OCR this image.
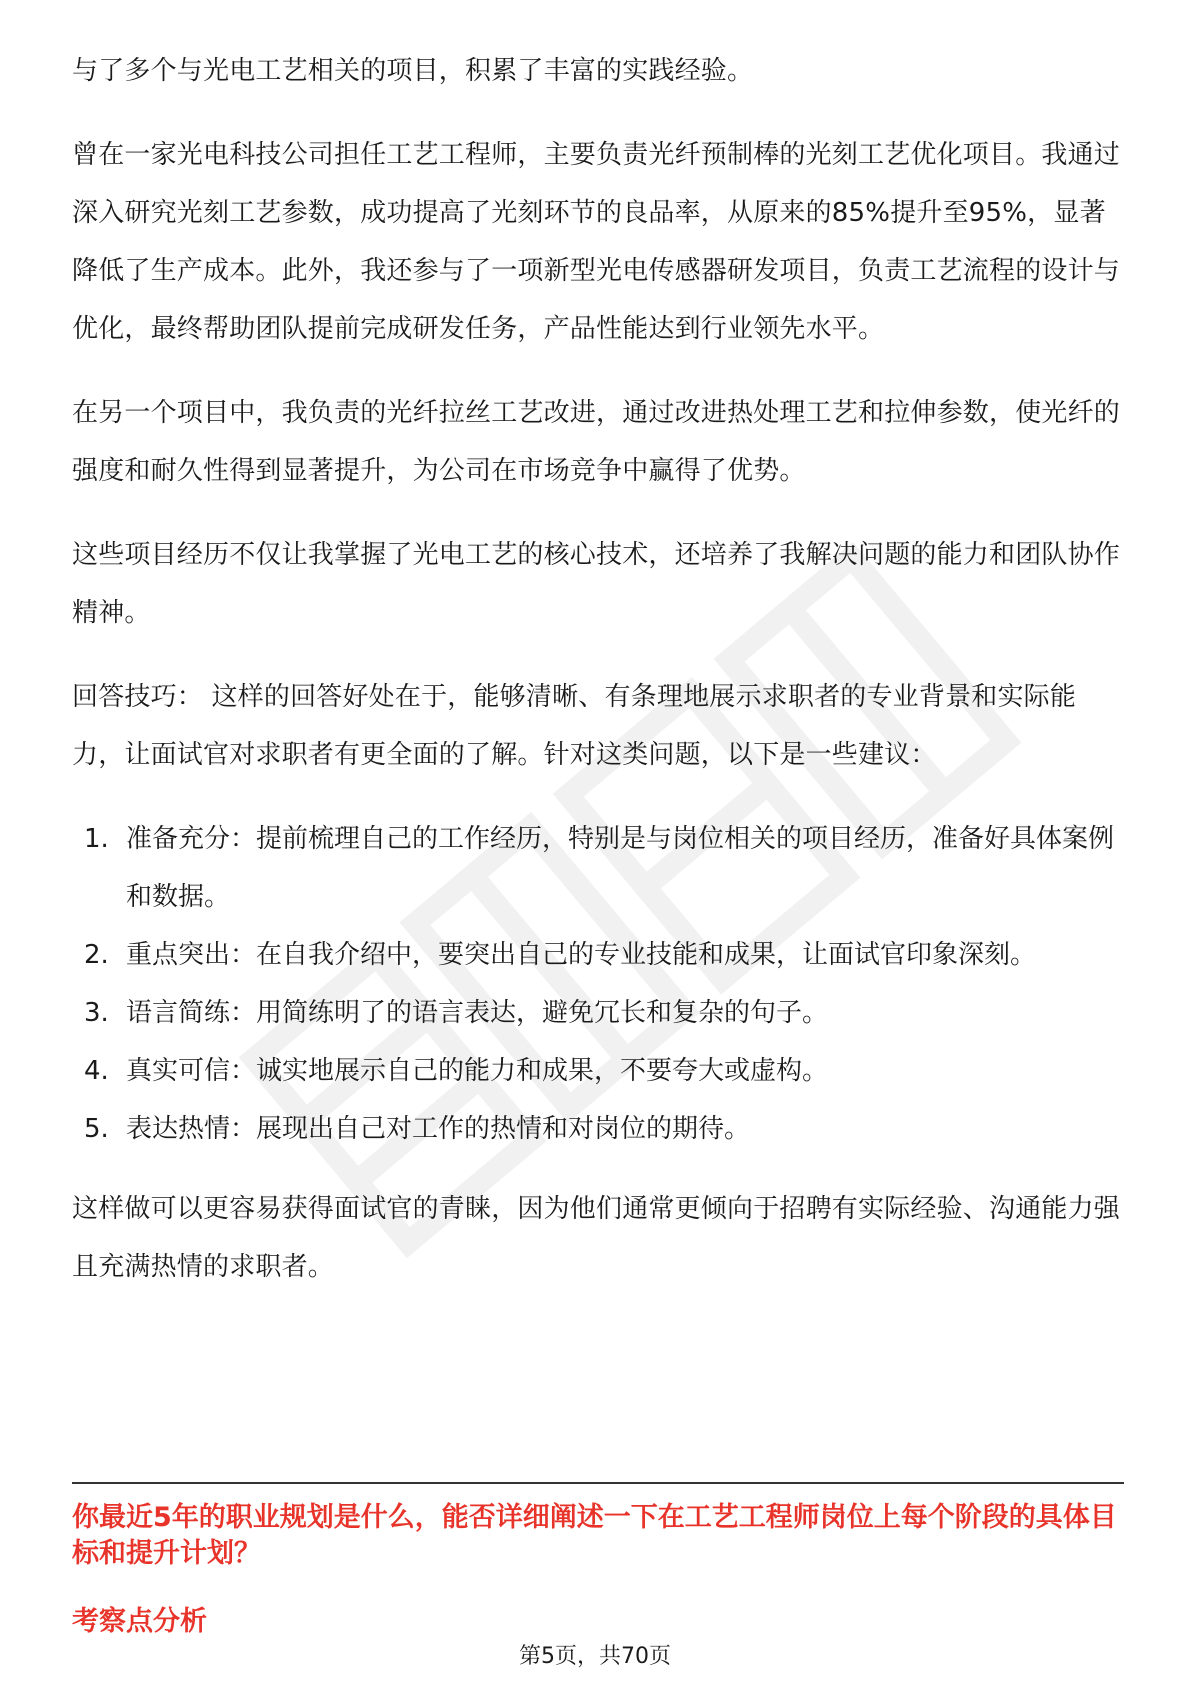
与了多个与光电工艺相关的项目，积累了丰富的实践经验。

曾在一家光电科技公司担任工艺工程师，主要负责光纤预制棒的光刻工艺优化项目。我通过深入研究光刻工艺参数，成功提高了光刻环节的良品率，从原来的85%提升至95%，显著降低了生产成本。此外，我还参与了一项新型光电传感器研发项目，负责工艺流程的设计与优化，最终帮助团队提前完成研发任务，产品性能达到行业领先水平。

在另一个项目中，我负责的光纤拉丝工艺改进，通过改进热处理工艺和拉伸参数，使光纤的强度和耐久性得到显著提升，为公司在市场竞争中赢得了优势。

这些项目经历不仅让我掌握了光电工艺的核心技术，还培养了我解决问题的能力和团队协作精神。

回答技巧： 这样的回答好处在于，能够清晰、有条理地展示求职者的专业背景和实际能力，让面试官对求职者有更全面的了解。针对这类问题，以下是一些建议：

1. 准备充分：提前梳理自己的工作经历，特别是与岗位相关的项目经历，准备好具体案例和数据。
2. 重点突出：在自我介绍中，要突出自己的专业技能和成果，让面试官印象深刻。
3. 语言简练：用简练明了的语言表达，避免冗长和复杂的句子。
4. 真实可信：诚实地展示自己的能力和成果，不要夸大或虚构。
5. 表达热情：展现出自己对工作的热情和对岗位的期待。

这样做可以更容易获得面试官的青睐，因为他们通常更倾向于招聘有实际经验、沟通能力强且充满热情的求职者。

你最近5年的职业规划是什么，能否详细阐述一下在工艺工程师岗位上每个阶段的具体目标和提升计划？
考察点分析
第5页，共70页
